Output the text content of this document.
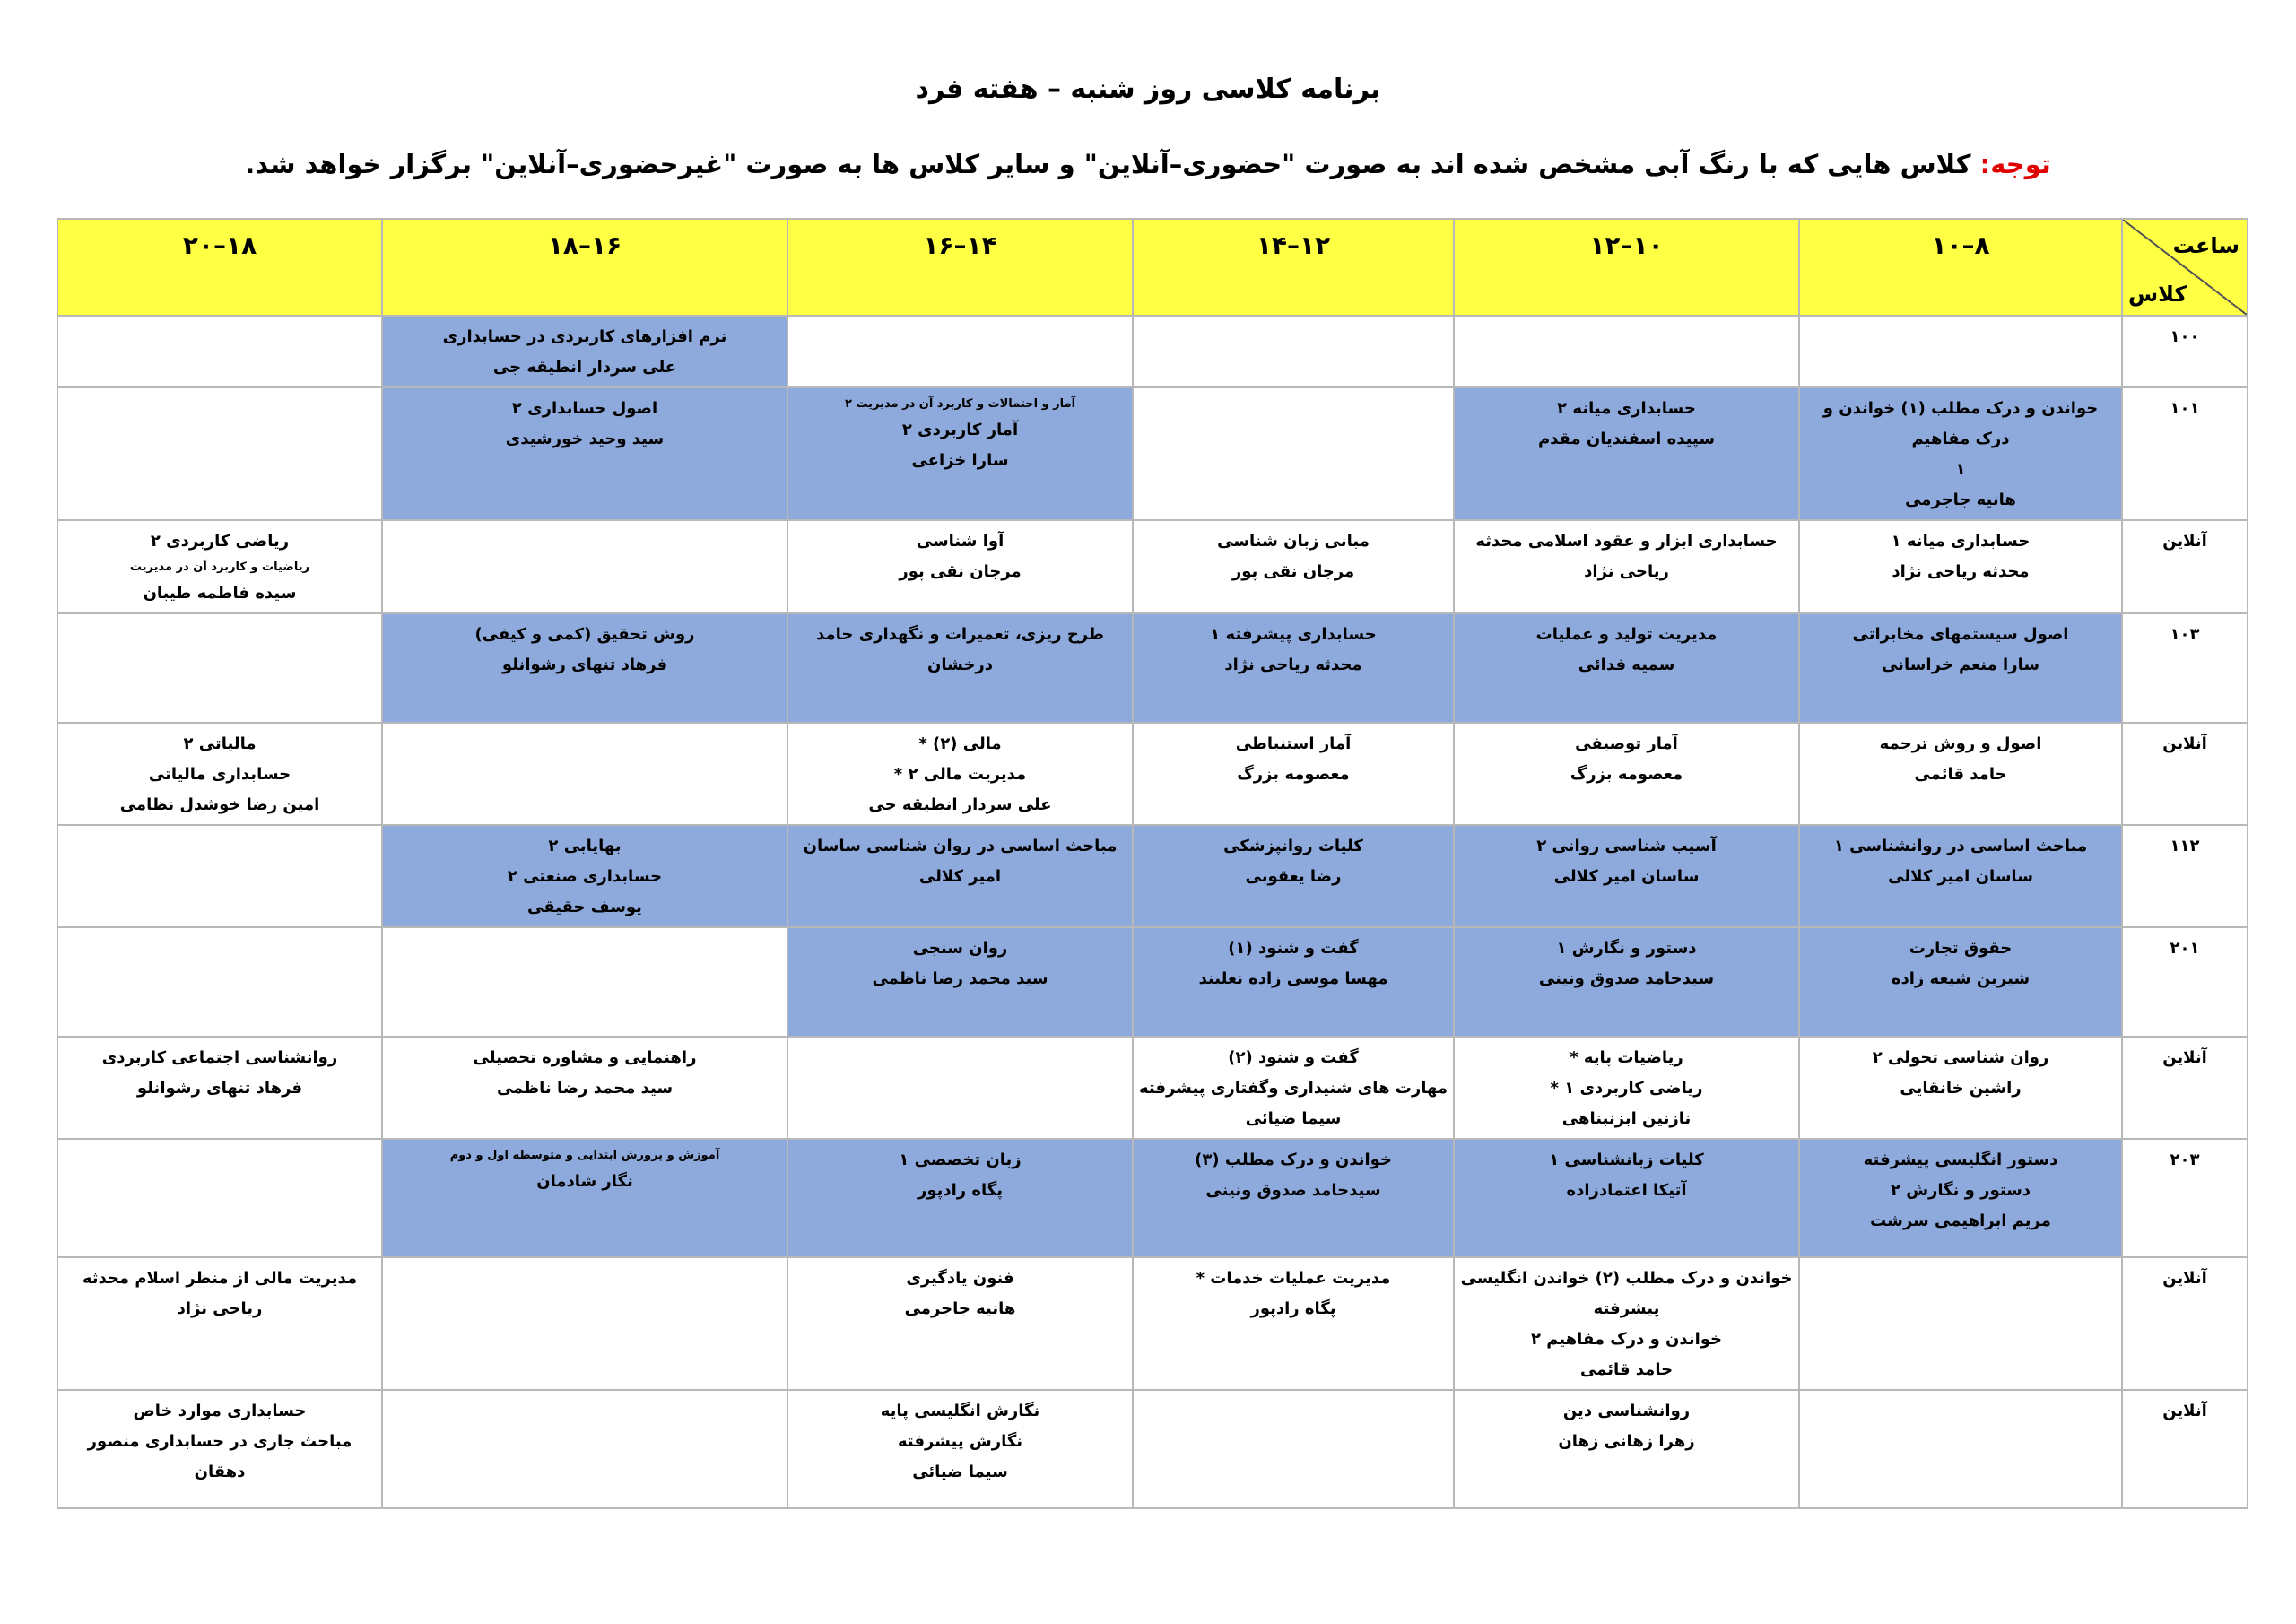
برنامه کلاسی روز شنبه – هفته فرد
توجه: کلاس هایی که با رنگ آبی مشخص شده اند به صورت "حضوری–آنلاین" و سایر کلاس ها به صورت "غیرحضوری–آنلاین" برگزار خواهد شد.
ساعت
کلاس	۸–۱۰	۱۰–۱۲	۱۲–۱۴	۱۴–۱۶	۱۶–۱۸	۱۸–۲۰
۱۰۰					نرم افزارهای کاربردی در حسابداری
علی سردار انطیقه جی	

۱۰۱	خواندن و درک مطلب (۱) خواندن و درک مفاهیم
۱
هانیه جاجرمی	حسابداری میانه ۲
سپیده اسفندیان مقدم		آمار و احتمالات و کاربرد آن در مدیریت ۲
آمار کاربردی ۲
سارا خزاعی	اصول حسابداری ۲
سید وحید خورشیدی	

آنلاین	حسابداری میانه ۱
محدثه ریاحی نژاد	حسابداری ابزار و عقود اسلامی محدثه ریاحی نژاد	مبانی زبان شناسی
مرجان نقی پور	آوا شناسی
مرجان نقی پور		ریاضی کاربردی ۲
ریاضیات و کاربرد آن در مدیریت
سیده فاطمه طیبان

۱۰۳	اصول سیستمهای مخابراتی
سارا منعم خراسانی	مدیریت تولید و عملیات
سمیه فدائی	حسابداری پیشرفته ۱
محدثه ریاحی نژاد	طرح ریزی، تعمیرات و نگهداری حامد درخشان	روش تحقیق (کمی و کیفی)
فرهاد تنهای رشوانلو	

آنلاین	اصول و روش ترجمه
حامد قائمی	آمار توصیفی
معصومه بزرگ	آمار استنباطی
معصومه بزرگ	مالی (۲) *
مدیریت مالی ۲ *
علی سردار انطیقه جی		مالیاتی ۲
حسابداری مالیاتی
امین رضا خوشدل نظامی

۱۱۲	مباحث اساسی در روانشناسی ۱ ساسان امیر کلالی	آسیب شناسی روانی ۲
ساسان امیر کلالی	کلیات روانپزشکی
رضا یعقوبی	مباحث اساسی در روان شناسی ساسان امیر کلالی	بهایابی ۲
حسابداری صنعتی ۲
یوسف حقیقی	

۲۰۱	حقوق تجارت
شیرین شیعه زاده	دستور و نگارش ۱
سیدحامد صدوق ونینی	گفت و شنود (۱)
مهسا موسی زاده نعلبند	روان سنجی
سید محمد رضا ناظمی		

آنلاین	روان شناسی تحولی ۲
راشین خانقایی	ریاضیات پایه *
ریاضی کاربردی ۱ *
نازنین ابزنبناهی	گفت و شنود (۲)
مهارت های شنیداری وگفتاری پیشرفته سیما ضیائی		راهنمایی و مشاوره تحصیلی
سید محمد رضا ناظمی	روانشناسی اجتماعی کاربردی
فرهاد تنهای رشوانلو

۲۰۳	دستور انگلیسی پیشرفته
دستور و نگارش ۲
مریم ابراهیمی سرشت	کلیات زبانشناسی ۱
آتیکا اعتمادزاده	خواندن و درک مطلب (۳)
سیدحامد صدوق ونینی	زبان تخصصی ۱
پگاه رادپور	آموزش و پرورش ابتدایی و متوسطه اول و دوم
نگار شادمان	

آنلاین		خواندن و درک مطلب (۲) خواندن انگلیسی پیشرفته
خواندن و درک مفاهیم ۲
حامد قائمی	مدیریت عملیات خدمات *
پگاه رادپور	فنون یادگیری
هانیه جاجرمی		مدیریت مالی از منظر اسلام محدثه ریاحی نژاد

آنلاین		روانشناسی دین
زهرا زهانی زهان		نگارش انگلیسی پایه
نگارش پیشرفته
سیما ضیائی		حسابداری موارد خاص
مباحث جاری در حسابداری منصور دهقان
